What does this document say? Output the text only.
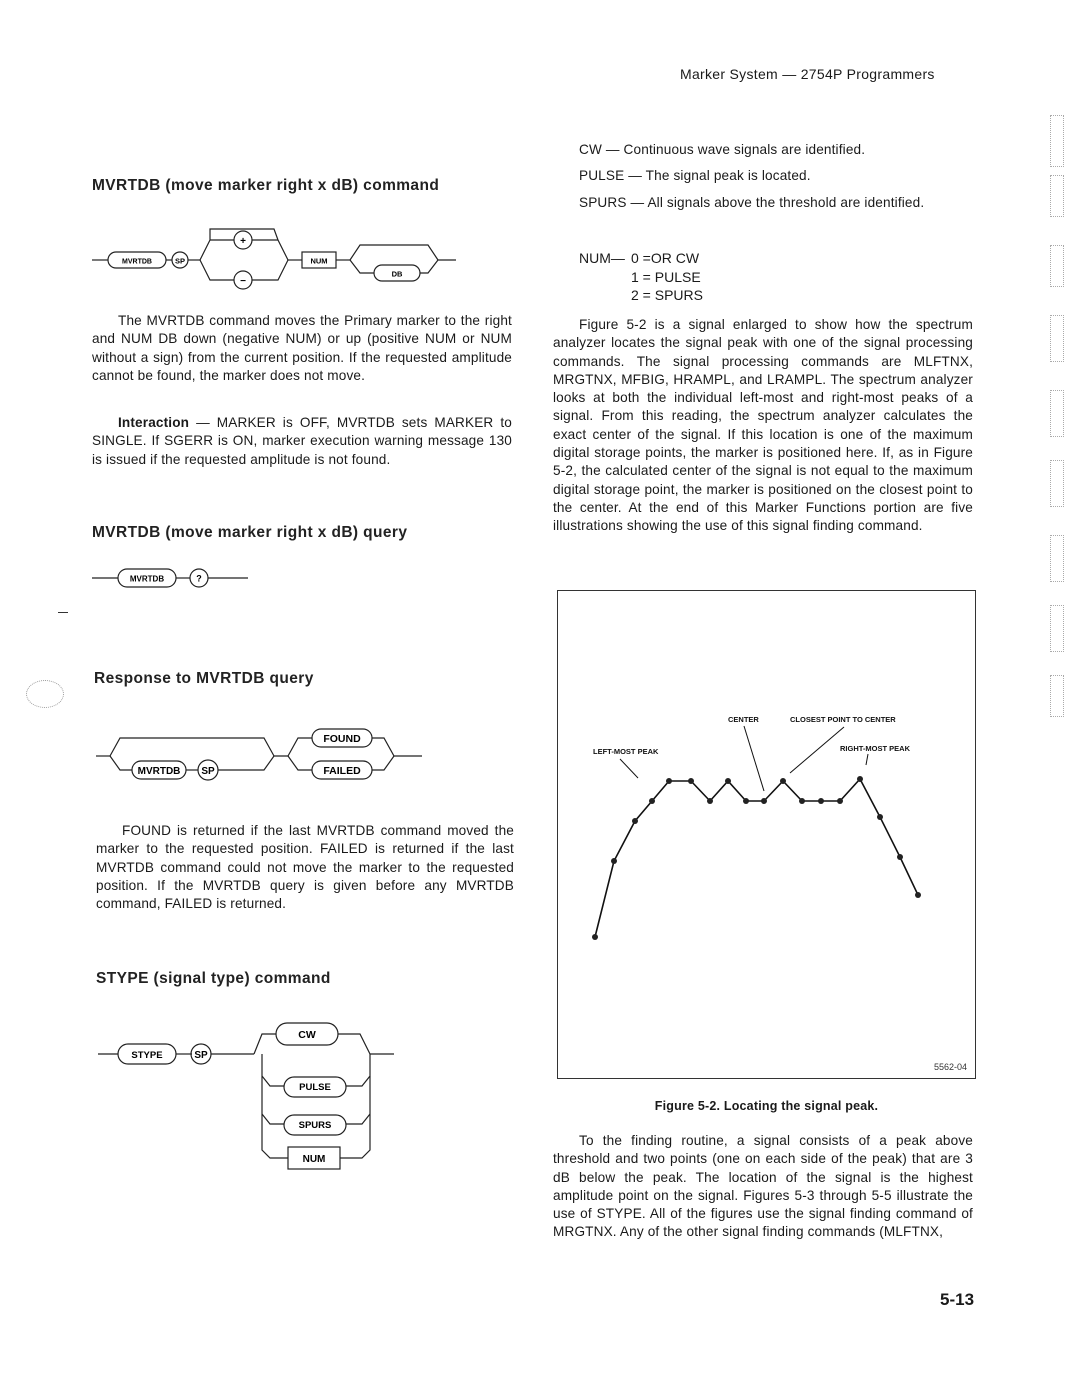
Marker System — 2754P Programmers
MVRTDB (move marker right x dB) command
MVRTDB	SP
+
−
NUM
DB
The MVRTDB command moves the Primary marker to the right and NUM DB down (negative NUM) or up (positive NUM or NUM without a sign) from the current position. If the requested amplitude cannot be found, the marker does not move.
Interaction — MARKER is OFF, MVRTDB sets MARKER to SINGLE. If SGERR is ON, marker execution warning message 130 is issued if the requested amplitude is not found.
MVRTDB (move marker right x dB) query
MVRTDB	?
Response to MVRTDB query
MVRTDB SP
FOUND
FAILED
FOUND is returned if the last MVRTDB command moved the marker to the requested position. FAILED is returned if the last MVRTDB command could not move the marker to the requested position. If the MVRTDB query is given before any MVRTDB command, FAILED is returned.
STYPE (signal type) command
STYPE	SP
CW
PULSE
SPURS
NUM
CW — Continuous wave signals are identified.
PULSE — The signal peak is located.
SPURS — All signals above the threshold are identified.
NUM— 0 =OR CW
1 = PULSE
2 = SPURS
Figure 5-2 is a signal enlarged to show how the spectrum analyzer locates the signal peak with one of the signal processing commands. The signal processing commands are MLFTNX, MRGTNX, MFBIG, HRAMPL, and LRAMPL. The spectrum analyzer looks at both the individual left-most and right-most peaks of a signal. From this reading, the spectrum analyzer calculates the exact center of the signal. If this location is one of the maximum digital storage points, the marker is positioned here. If, as in Figure 5-2, the calculated center of the signal is not equal to the maximum digital storage point, the marker is positioned on the closest point to the center. At the end of this Marker Functions portion are five illustrations showing the use of this signal finding command.
CENTER	CLOSEST POINT TO CENTER
LEFT-MOST PEAK	RIGHT-MOST PEAK
5562-04
Figure 5-2. Locating the signal peak.
To the finding routine, a signal consists of a peak above threshold and two points (one on each side of the peak) that are 3 dB below the peak. The location of the signal is the highest amplitude point on the signal. Figures 5-3 through 5-5 illustrate the use of STYPE. All of the figures use the signal finding command of MRGTNX. Any of the other signal finding commands (MLFTNX,
5-13
